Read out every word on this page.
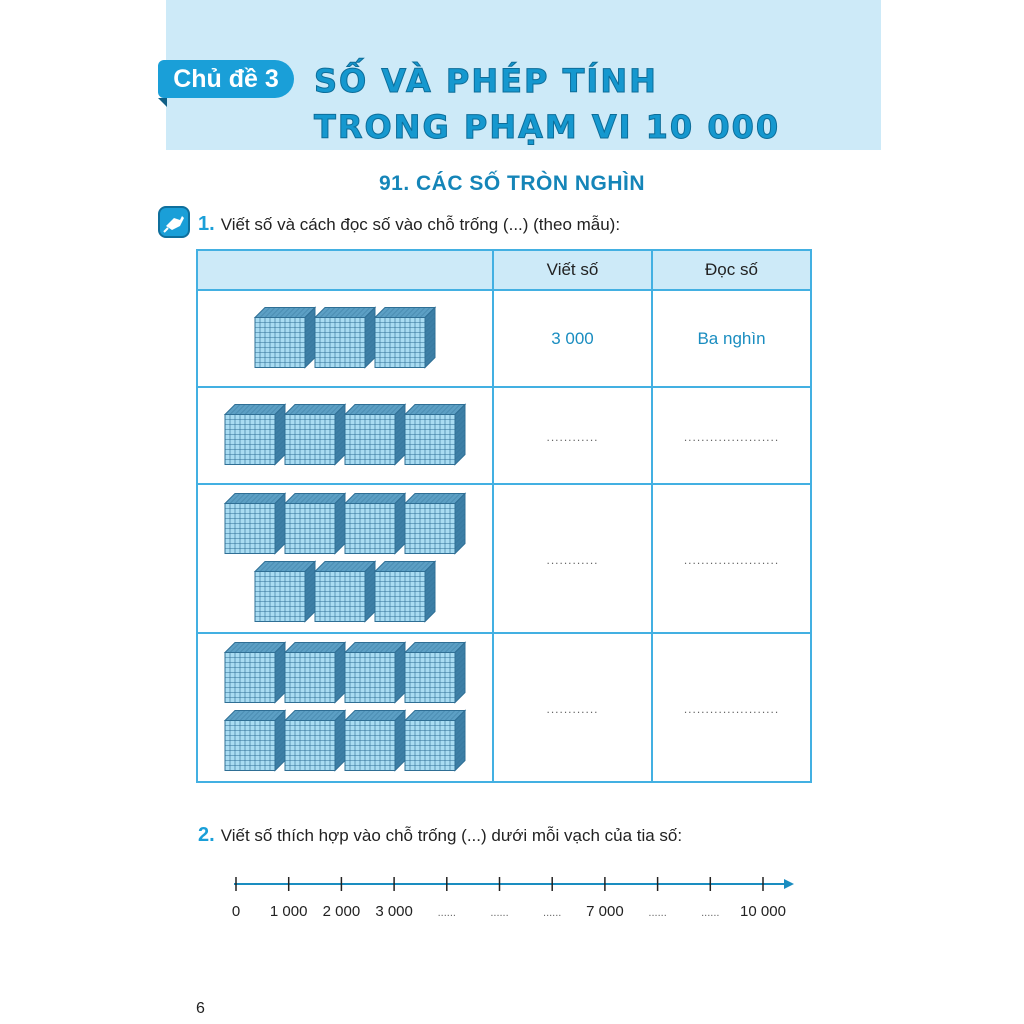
Chủ đề 3	SỐ VÀ PHÉP TÍNH
TRONG PHẠM VI 10 000
91. CÁC SỐ TRÒN NGHÌN
1. Viết số và cách đọc số vào chỗ trống (...) (theo mẫu):
	Viết số	Đọc số

	3 000	Ba nghìn

	............	......................

	............	......................

	............	......................
2. Viết số thích hợp vào chỗ trống (...) dưới mỗi vạch của tia số:
0 1 000 2 000 3 000 ......	......	...... 7 000 ......	...... 10 000
6
